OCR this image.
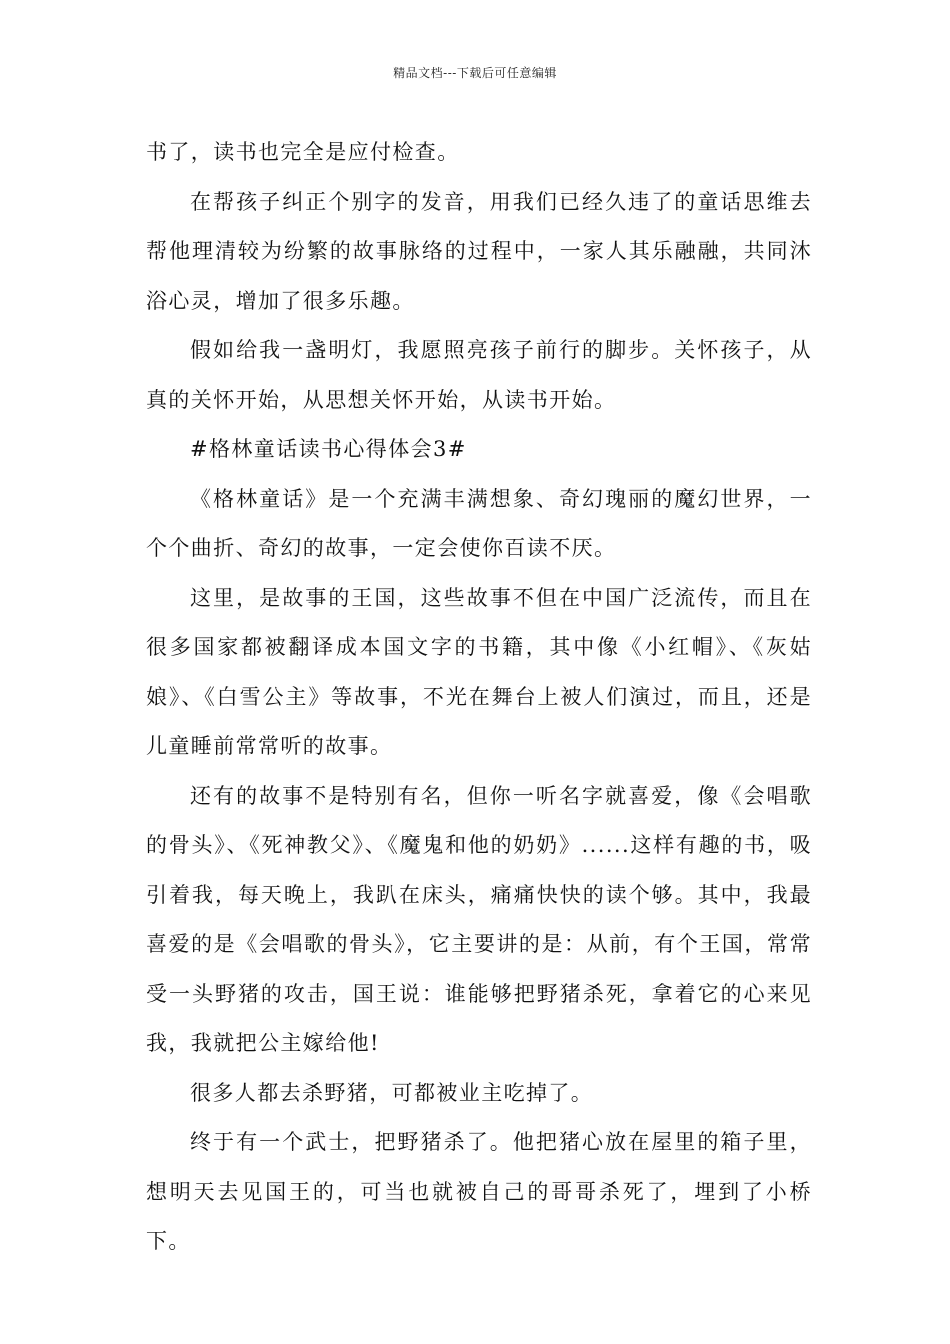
精品文档---下载后可任意编辑

书了，读书也完全是应付检查。

在帮孩子纠正个别字的发音，用我们已经久违了的童话思维去帮他理清较为纷繁的故事脉络的过程中，一家人其乐融融，共同沐浴心灵，增加了很多乐趣。

假如给我一盏明灯，我愿照亮孩子前行的脚步。关怀孩子，从真的关怀开始，从思想关怀开始，从读书开始。

#格林童话读书心得体会3#

《格林童话》是一个充满丰满想象、奇幻瑰丽的魔幻世界，一个个曲折、奇幻的故事，一定会使你百读不厌。

这里，是故事的王国，这些故事不但在中国广泛流传，而且在很多国家都被翻译成本国文字的书籍，其中像《小红帽》、《灰姑娘》、《白雪公主》等故事，不光在舞台上被人们演过，而且，还是儿童睡前常常听的故事。

还有的故事不是特别有名，但你一听名字就喜爱，像《会唱歌的骨头》、《死神教父》、《魔鬼和他的奶奶》......这样有趣的书，吸引着我，每天晚上，我趴在床头，痛痛快快的读个够。其中，我最喜爱的是《会唱歌的骨头》，它主要讲的是：从前，有个王国，常常受一头野猪的攻击，国王说：谁能够把野猪杀死，拿着它的心来见我，我就把公主嫁给他!

很多人都去杀野猪，可都被业主吃掉了。

终于有一个武士，把野猪杀了。他把猪心放在屋里的箱子里，想明天去见国王的，可当也就被自己的哥哥杀死了，埋到了小桥下。
